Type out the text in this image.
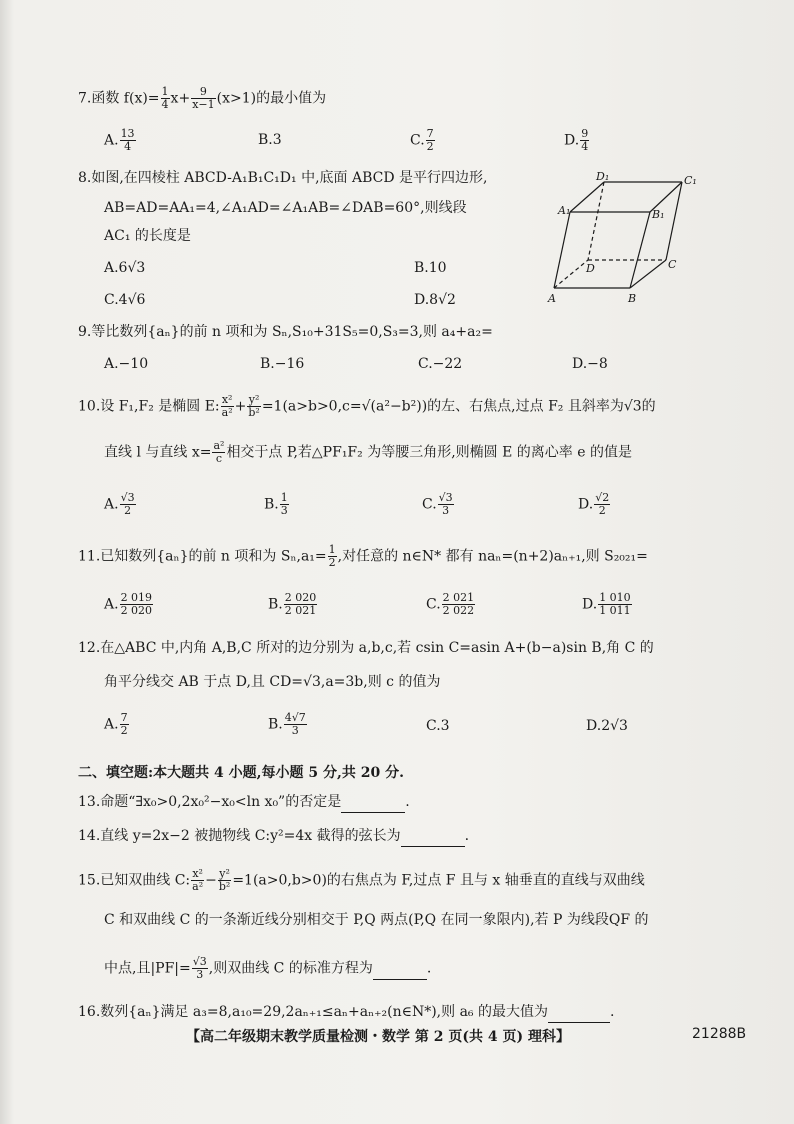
7.函数 $f(x)= \frac{1}{4} x+ \frac{9}{x-1} (x>1)$的最小值为
A. $\frac{13}{4}$	B.3	C. $\frac{7}{2}$	D. $\frac{9}{4}$
8.如图,在四棱柱 ABCD-A₁B₁C₁D₁ 中,底面 ABCD 是平行四边形,
AB=AD=AA₁=4,∠A₁AD=∠A₁AB=∠DAB=60°,则线段
AC₁ 的长度是
A.6√3	B.10
C.4√6	D.8√2
D₁	C₁
A₁	B₁
D	C
A	B
9.等比数列{aₙ}的前 n 项和为 Sₙ,S₁₀+31S₅=0,S₃=3,则 a₄+a₂=
A.−10	B.−16	C.−22	D.−8
10.设 F₁,F₂ 是椭圆 E: $\frac{\text{x²}}{\text{a²}} + \frac{\text{y²}}{\text{b²}} =1(a>b>0,c=√(a^2-b^2))$的左、右焦点,过点 F₂ 且斜率为√3的
直线 l 与直线 $x= \frac{\text{a²}}{c}$ 相交于点 P,若△PF₁F₂ 为等腰三角形,则椭圆 E 的离心率 e 的值是
A. $\frac{√3}{2}$	B. $\frac{1}{3}$	C. $\frac{√3}{3}$	D. $\frac{√2}{2}$
11.已知数列{aₙ}的前 n 项和为 $S_n,a_1= \frac{1}{2}$ ,对任意的 n∈N* 都有 naₙ=(n+2)aₙ₊₁,则 S₂₀₂₁=
A. $\frac{2 019}{2 020}$	B. $\frac{2 020}{2 021}$	C. $\frac{2 021}{2 022}$	D. $\frac{1 010}{1 011}$
12.在△ABC 中,内角 A,B,C 所对的边分别为 a,b,c,若 csin C=asin A+(b−a)sin B,角 C 的
角平分线交 AB 于点 D,且 CD=√3,a=3b,则 c 的值为
A. $\frac{7}{2}$	B. $\frac{4√7}{3}$	C.3	D.2√3
二、填空题:本大题共 4 小题,每小题 5 分,共 20 分.
13.命题“∃x₀>0,2x₀²−x₀<ln x₀”的否定是	.
14.直线 y=2x−2 被抛物线 C:y²=4x 截得的弦长为	.
15.已知双曲线 C: $\frac{\text{x²}}{\text{a²}} - \frac{\text{y²}}{\text{b²}} =1(a>0,b>0)$的右焦点为 F,过点 F 且与 x 轴垂直的直线与双曲线
C 和双曲线 C 的一条渐近线分别相交于 P,Q 两点(P,Q 在同一象限内),若 P 为线段QF 的
中点,且$|PF|= \frac{√3}{3}$ ,则双曲线 C 的标准方程为	.
16.数列{aₙ}满足 a₃=8,a₁₀=29,2aₙ₊₁≤aₙ+aₙ₊₂(n∈N*),则 a₆ 的最大值为	.
【高二年级期末教学质量检测・数学 第 2 页(共 4 页) 理科】	21288B
